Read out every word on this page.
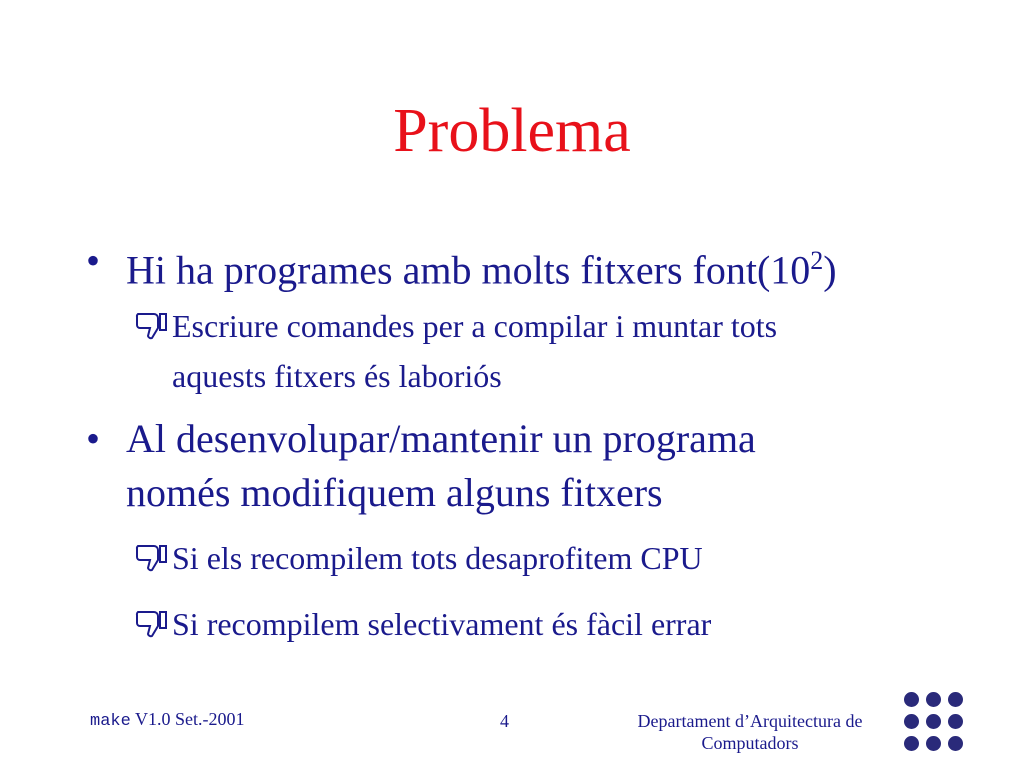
Problema
• Hi ha programes amb molts fitxers $font(10^2)$
Escriure comandes per a compilar i muntar tots
aquests fitxers és laboriós
• Al desenvolupar/mantenir un programa
només modifiquem alguns fitxers
Si els recompilem tots desaprofitem CPU
Si recompilem selectivament és fàcil errar
make V1.0 Set.-2001	4	Departament d’Arquitectura de
Computadors
